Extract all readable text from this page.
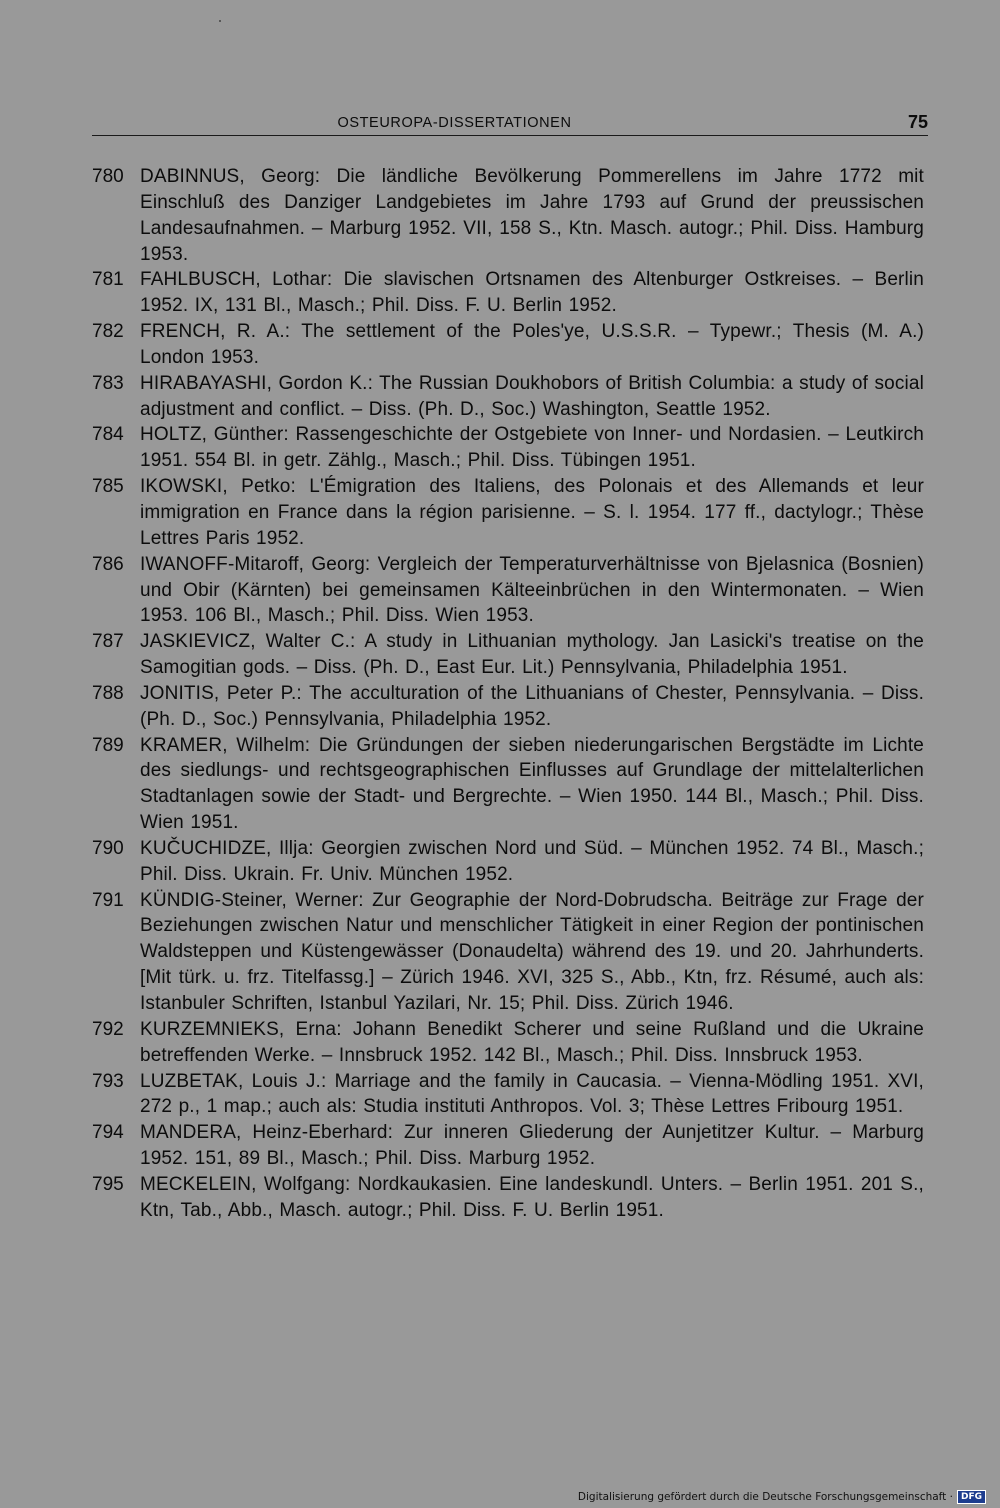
OSTEUROPA-DISSERTATIONEN	75
780 DABINNUS, Georg: Die ländliche Bevölkerung Pommerellens im Jahre 1772 mit Einschluß des Danziger Landgebietes im Jahre 1793 auf Grund der preussischen Landesaufnahmen. – Marburg 1952. VII, 158 S., Ktn. Masch. autogr.; Phil. Diss. Hamburg 1953.
781 FAHLBUSCH, Lothar: Die slavischen Ortsnamen des Altenburger Ostkreises. – Berlin 1952. IX, 131 Bl., Masch.; Phil. Diss. F. U. Berlin 1952.
782 FRENCH, R. A.: The settlement of the Poles'ye, U.S.S.R. – Typewr.; Thesis (M. A.) London 1953.
783 HIRABAYASHI, Gordon K.: The Russian Doukhobors of British Columbia: a study of social adjustment and conflict. – Diss. (Ph. D., Soc.) Washington, Seattle 1952.
784 HOLTZ, Günther: Rassengeschichte der Ostgebiete von Inner- und Nordasien. – Leutkirch 1951. 554 Bl. in getr. Zählg., Masch.; Phil. Diss. Tübingen 1951.
785 IKOWSKI, Petko: L'Émigration des Italiens, des Polonais et des Allemands et leur immigration en France dans la région parisienne. – S. l. 1954. 177 ff., dactylogr.; Thèse Lettres Paris 1952.
786 IWANOFF-Mitaroff, Georg: Vergleich der Temperaturverhältnisse von Bjelasnica (Bosnien) und Obir (Kärnten) bei gemeinsamen Kälteeinbrüchen in den Wintermonaten. – Wien 1953. 106 Bl., Masch.; Phil. Diss. Wien 1953.
787 JASKIEVICZ, Walter C.: A study in Lithuanian mythology. Jan Lasicki's treatise on the Samogitian gods. – Diss. (Ph. D., East Eur. Lit.) Pennsylvania, Philadelphia 1951.
788 JONITIS, Peter P.: The acculturation of the Lithuanians of Chester, Pennsylvania. – Diss. (Ph. D., Soc.) Pennsylvania, Philadelphia 1952.
789 KRAMER, Wilhelm: Die Gründungen der sieben niederungarischen Bergstädte im Lichte des siedlungs- und rechtsgeographischen Einflusses auf Grundlage der mittelalterlichen Stadtanlagen sowie der Stadt- und Bergrechte. – Wien 1950. 144 Bl., Masch.; Phil. Diss. Wien 1951.
790 KUČUCHIDZE, Illja: Georgien zwischen Nord und Süd. – München 1952. 74 Bl., Masch.; Phil. Diss. Ukrain. Fr. Univ. München 1952.
791 KÜNDIG-Steiner, Werner: Zur Geographie der Nord-Dobrudscha. Beiträge zur Frage der Beziehungen zwischen Natur und menschlicher Tätigkeit in einer Region der pontinischen Waldsteppen und Küstengewässer (Donaudelta) während des 19. und 20. Jahrhunderts. [Mit türk. u. frz. Titelfassg.] – Zürich 1946. XVI, 325 S., Abb., Ktn, frz. Résumé, auch als: Istanbuler Schriften, Istanbul Yazilari, Nr. 15; Phil. Diss. Zürich 1946.
792 KURZEMNIEKS, Erna: Johann Benedikt Scherer und seine Rußland und die Ukraine betreffenden Werke. – Innsbruck 1952. 142 Bl., Masch.; Phil. Diss. Innsbruck 1953.
793 LUZBETAK, Louis J.: Marriage and the family in Caucasia. – Vienna-Mödling 1951. XVI, 272 p., 1 map.; auch als: Studia instituti Anthropos. Vol. 3; Thèse Lettres Fribourg 1951.
794 MANDERA, Heinz-Eberhard: Zur inneren Gliederung der Aunjetitzer Kultur. – Marburg 1952. 151, 89 Bl., Masch.; Phil. Diss. Marburg 1952.
795 MECKELEIN, Wolfgang: Nordkaukasien. Eine landeskundl. Unters. – Berlin 1951. 201 S., Ktn, Tab., Abb., Masch. autogr.; Phil. Diss. F. U. Berlin 1951.
Digitalisierung gefördert durch die Deutsche Forschungsgemeinschaft · DFG
